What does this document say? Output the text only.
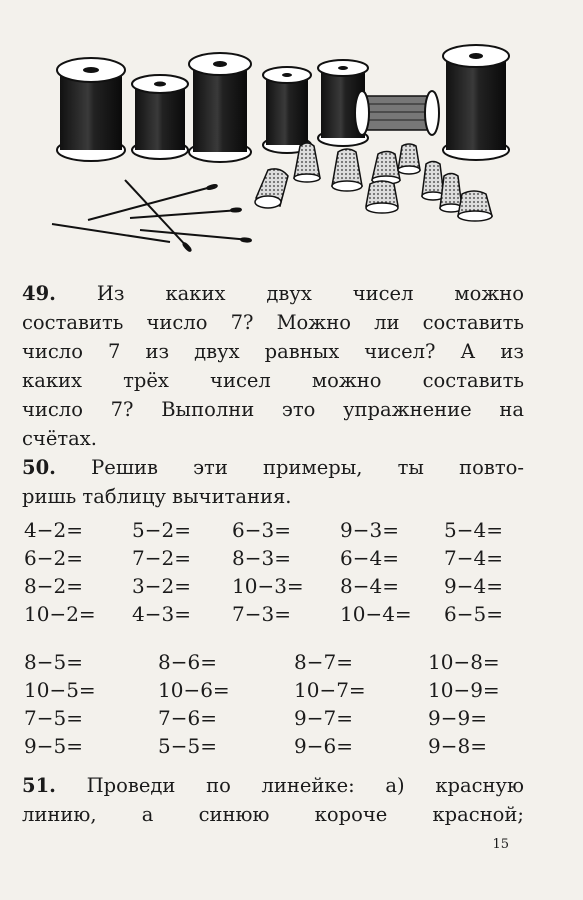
49. Из каких двух чисел можно
составить число 7? Можно ли составить
число 7 из двух равных чисел? А из
каких трёх чисел можно составить
число 7? Выполни это упражнение на
счётах.
50. Решив эти примеры, ты повто-
ришь таблицу вычитания.
4−2= 5−2= 6−3= 9−3= 5−4=
6−2= 7−2= 8−3= 6−4= 7−4=
8−2= 3−2= 10−3= 8−4= 9−4=
10−2= 4−3= 7−3= 10−4= 6−5=
8−5=	8−6=	8−7=	10−8=
10−5=	10−6=	10−7=	10−9=
7−5=	7−6=	9−7=	9−9=
9−5=	5−5=	9−6=	9−8=
51. Проведи по линейке: а) красную
линию, а синюю короче красной;
15
